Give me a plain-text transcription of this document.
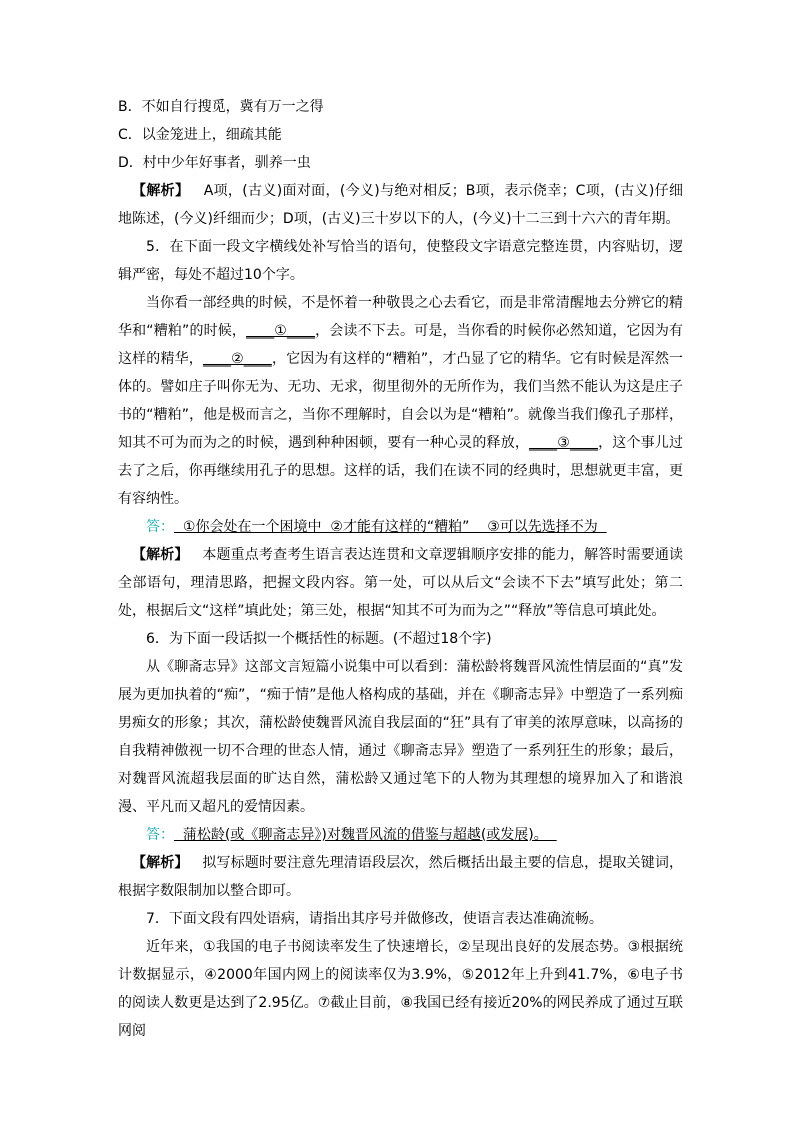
B．不如自行搜觅，冀有万一之得
C．以金笼进上，细疏其能
D．村中少年好事者，驯养一虫
【解析】 A项，(古义)面对面，(今义)与绝对相反；B项，表示侥幸；C项，(古义)仔细地陈述，(今义)纤细而少；D项，(古义)三十岁以下的人，(今义)十二三到十六六的青年期。
5．在下面一段文字横线处补写恰当的语句，使整段文字语意完整连贯，内容贴切，逻辑严密，每处不超过10个字。
当你看一部经典的时候，不是怀着一种敬畏之心去看它，而是非常清醒地去分辨它的精华和“糟粕”的时候，____①____，会读不下去。可是，当你看的时候你必然知道，它因为有这样的精华，____②____，它因为有这样的“糟粕”，才凸显了它的精华。它有时候是浑然一体的。譬如庄子叫你无为、无功、无求，彻里彻外的无所作为，我们当然不能认为这是庄子书的“糟粕”，他是极而言之，当你不理解时，自会以为是“糟粕”。就像当我们像孔子那样，知其不可为而为之的时候，遇到种种困顿，要有一种心灵的释放，____③____，这个事儿过去了之后，你再继续用孔子的思想。这样的话，我们在读不同的经典时，思想就更丰富，更有容纳性。
答：  ①你会处在一个困境中  ②才能有这样的“糟粕”    ③可以先选择不为
【解析】 本题重点考查考生语言表达连贯和文章逻辑顺序安排的能力，解答时需要通读全部语句，理清思路，把握文段内容。第一处，可以从后文“会读不下去”填写此处；第二处，根据后文“这样”填此处；第三处，根据“知其不可为而为之”“释放”等信息可填此处。
6．为下面一段话拟一个概括性的标题。(不超过18个字)
从《聊斋志异》这部文言短篇小说集中可以看到：蒲松龄将魏晋风流性情层面的“真”发展为更加执着的“痴”，“痴于情”是他人格构成的基础，并在《聊斋志异》中塑造了一系列痴男痴女的形象；其次，蒲松龄使魏晋风流自我层面的“狂”具有了审美的浓厚意味，以高扬的自我精神傲视一切不合理的世态人情，通过《聊斋志异》塑造了一系列狂生的形象；最后，对魏晋风流超我层面的旷达自然，蒲松龄又通过笔下的人物为其理想的境界加入了和谐浪漫、平凡而又超凡的爱情因素。
答：  蒲松龄(或《聊斋志异》)对魏晋风流的借鉴与超越(或发展)。
【解析】 拟写标题时要注意先理清语段层次，然后概括出最主要的信息，提取关键词，根据字数限制加以整合即可。
7．下面文段有四处语病，请指出其序号并做修改，使语言表达准确流畅。
近年来，①我国的电子书阅读率发生了快速增长，②呈现出良好的发展态势。③根据统计数据显示，④2000年国内网上的阅读率仅为3.9%，⑤2012年上升到41.7%，⑥电子书的阅读人数更是达到了2.95亿。⑦截止目前，⑧我国已经有接近20%的网民养成了通过互联网阅
